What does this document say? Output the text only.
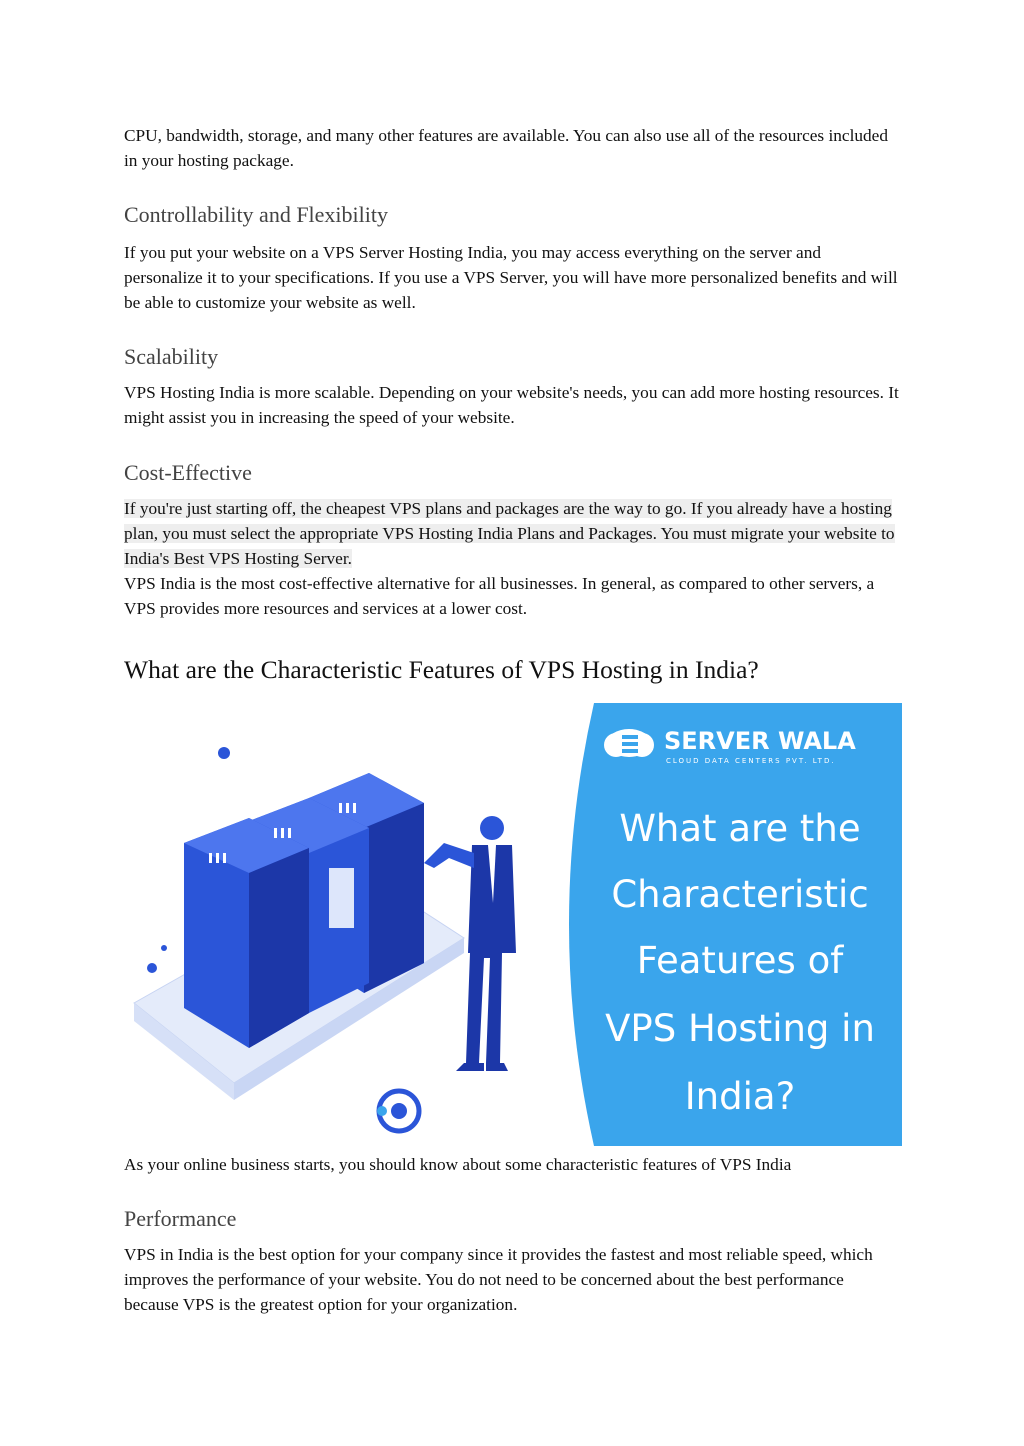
CPU, bandwidth, storage, and many other features are available. You can also use all of the resources included in your hosting package.

Controllability and Flexibility

If you put your website on a VPS Server Hosting India, you may access everything on the server and personalize it to your specifications. If you use a VPS Server, you will have more personalized benefits and will be able to customize your website as well.

Scalability

VPS Hosting India is more scalable. Depending on your website's needs, you can add more hosting resources. It might assist you in increasing the speed of your website.

Cost-Effective

If you're just starting off, the cheapest VPS plans and packages are the way to go. If you already have a hosting plan, you must select the appropriate VPS Hosting India Plans and Packages. You must migrate your website to India's Best VPS Hosting Server.

VPS India is the most cost-effective alternative for all businesses. In general, as compared to other servers, a VPS provides more resources and services at a lower cost.

What are the Characteristic Features of VPS Hosting in India?
SERVER WALA
CLOUD DATA CENTERS PVT. LTD.
What are the
Characteristic
Features of
VPS Hosting in
India?

As your online business starts, you should know about some characteristic features of VPS India

Performance

VPS in India is the best option for your company since it provides the fastest and most reliable speed, which improves the performance of your website. You do not need to be concerned about the best performance because VPS is the greatest option for your organization.
